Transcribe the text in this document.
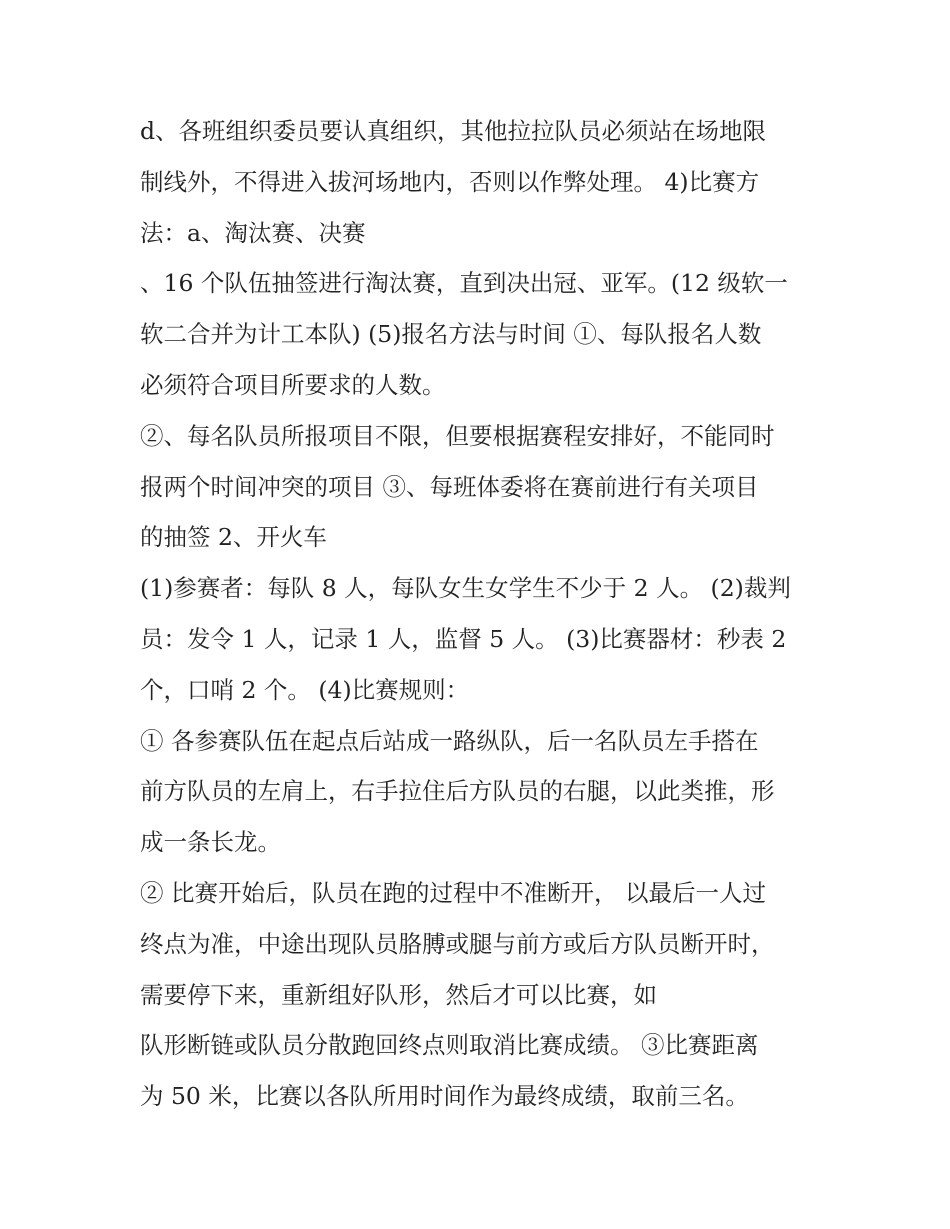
d、各班组织委员要认真组织，其他拉拉队员必须站在场地限
制线外，不得进入拔河场地内，否则以作弊处理。 4)比赛方
法：a、淘汰赛、决赛
、16 个队伍抽签进行淘汰赛，直到决出冠、亚军。(12 级软一
软二合并为计工本队) (5)报名方法与时间 ①、每队报名人数
必须符合项目所要求的人数。
②、每名队员所报项目不限，但要根据赛程安排好，不能同时
报两个时间冲突的项目 ③、每班体委将在赛前进行有关项目
的抽签 2、开火车
(1)参赛者：每队 8 人，每队女生女学生不少于 2 人。 (2)裁判
员：发令 1 人，记录 1 人，监督 5 人。 (3)比赛器材：秒表 2
个，口哨 2 个。 (4)比赛规则：
① 各参赛队伍在起点后站成一路纵队，后一名队员左手搭在
前方队员的左肩上，右手拉住后方队员的右腿，以此类推，形
成一条长龙。
② 比赛开始后，队员在跑的过程中不准断开， 以最后一人过
终点为准，中途出现队员胳膊或腿与前方或后方队员断开时，
需要停下来，重新组好队形，然后才可以比赛，如
队形断链或队员分散跑回终点则取消比赛成绩。 ③比赛距离
为 50 米，比赛以各队所用时间作为最终成绩，取前三名。
